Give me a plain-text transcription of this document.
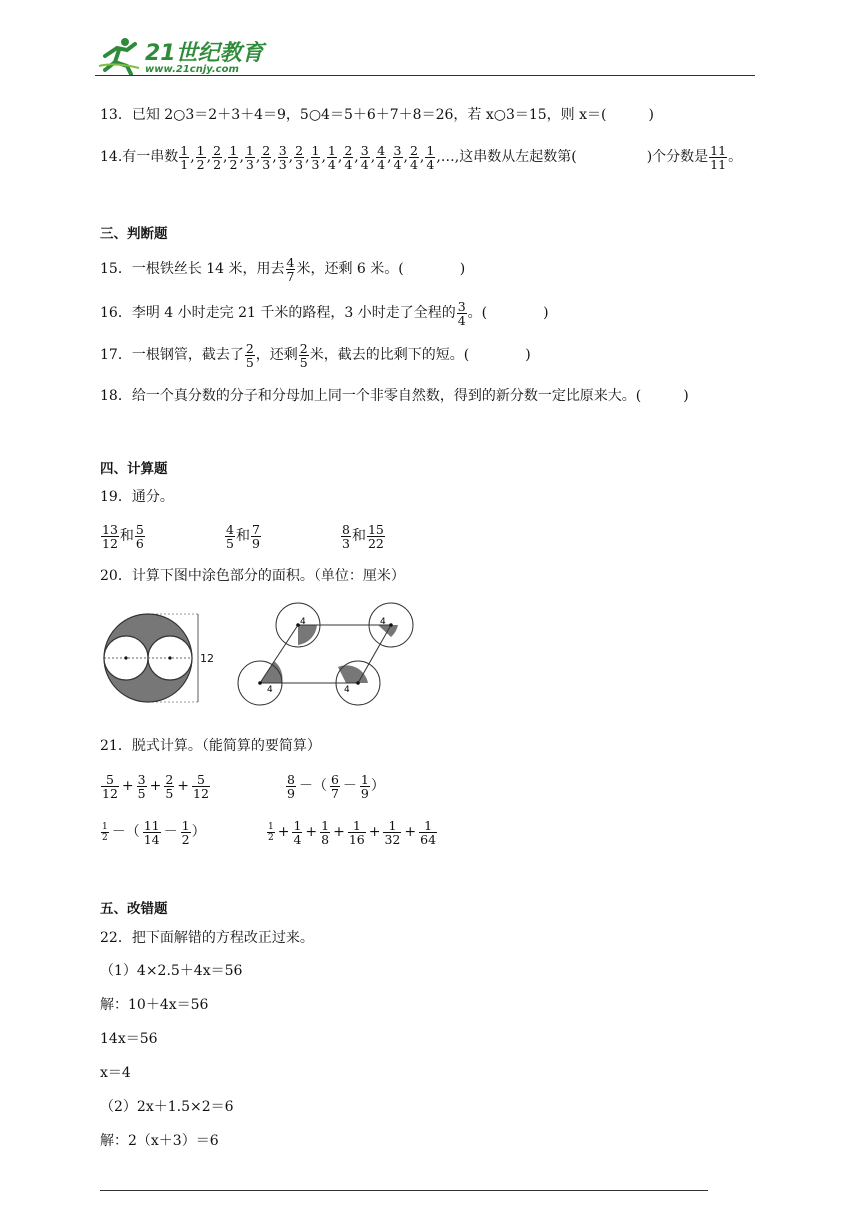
21世纪教育
www.21cnjy.com
13．已知 2○3＝2＋3＋4＝9，5○4＝5＋6＋7＋8＝26，若 x○3＝15，则 x＝(　　　)
14.有一串数 $\frac{1}{1}$ , $\frac{1}{2}$ , $\frac{2}{2}$ , $\frac{1}{2}$ , $\frac{1}{3}$ , $\frac{2}{3}$ , $\frac{3}{3}$ , $\frac{2}{3}$ , $\frac{1}{3}$ , $\frac{1}{4}$ , $\frac{2}{4}$ , $\frac{3}{4}$ , $\frac{4}{4}$ , $\frac{3}{4}$ , $\frac{2}{4}$ , $\frac{1}{4}$ ,…,这串数从左起数第(	)个分数是 $\frac{11}{11}$ 。
三、判断题
15．一根铁丝长 14 米，用去 $\frac{4}{7}$ 米，还剩 6 米。(　　　　)
16．李明 4 小时走完 21 千米的路程，3 小时走了全程的 $\frac{3}{4}$ 。(　　　　)
17．一根钢管，截去了 $\frac{2}{5}$ ，还剩 $\frac{2}{5}$ 米，截去的比剩下的短。(　　　　)
18．给一个真分数的分子和分母加上同一个非零自然数，得到的新分数一定比原来大。(　　　)
四、计算题
19．通分。
$\frac{13}{12}$ 和 $\frac{5}{6}$	$\frac{4}{5}$ 和 $\frac{7}{9}$	$\frac{8}{3}$ 和 $\frac{15}{22}$
20．计算下图中涂色部分的面积。（单位：厘米）
12
4	4
4	4
21．脱式计算。（能简算的要简算）
$\frac{5}{12} + \frac{3}{5} + \frac{2}{5} + \frac{5}{12}$	$\frac{8}{9}$ －（ $\frac{6}{7} - \frac{1}{9}$ ）
$\frac{1}{2}$ －（ $\frac{11}{14} - \frac{1}{2}$ ）	$\frac{1}{2} + \frac{1}{4} + \frac{1}{8} + \frac{1}{16} + \frac{1}{32} + \frac{1}{64}$
五、改错题
22．把下面解错的方程改正过来。
（1）4×2.5＋4x＝56
解：10＋4x＝56
14x＝56
x＝4
（2）2x＋1.5×2＝6
解：2（x＋3）＝6
